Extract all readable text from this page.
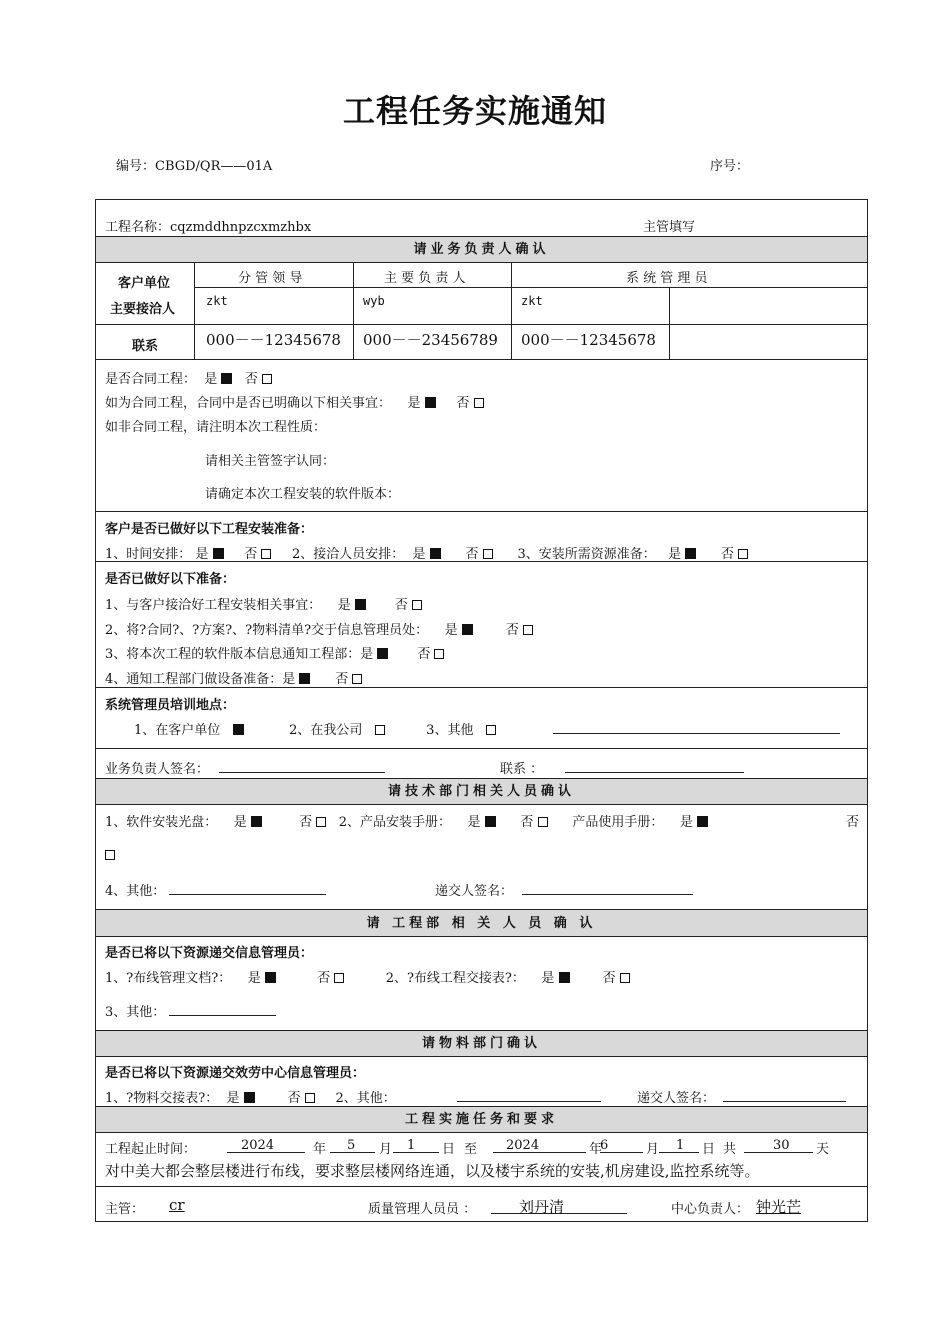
工程任务实施通知
编号：CBGD/QR——01A	序号：
工程名称：cqzmddhnpzcxmzhbx	主管填写
请业务负责人确认
客户单位
主要接洽人
分 管 领 导	主 要 负 责 人	系 统 管 理 员
zkt	wyb	zkt
联系	000－－12345678 000－－23456789 000－－12345678
是否合同工程： 是 否
如为合同工程，合同中是否已明确以下相关事宜： 是	否
如非合同工程，请注明本次工程性质：
请相关主管签字认同：
请确定本次工程安装的软件版本：
客户是否已做好以下工程安装准备：
1、时间安排： 是      否      2、接洽人员安排：  是       否	3、安装所需资源准备：   是       否
是否已做好以下准备：
1、与客户接洽好工程安装相关事宜：    是        否
2、将?合同?、?方案?、?物料清单?交于信息管理员处：    是         否
3、将本次工程的软件版本信息通知工程部：是        否
4、通知工程部门做设备准备：是       否
系统管理员培训地点：
1、在客户单位	2、在我公司	3、其他
业务负责人签名：	联系 ：
请技术部门相关人员确认
1、软件安装光盘：    是          否    2、产品安装手册：    是       否	产品使用手册：    是	否
4、其他：	递交人签名：
请 工程部 相 关 人 员 确 认
是否已将以下资源递交信息管理员：
1、?布线管理文档?：    是           否	2、?布线工程交接表?：    是         否
3、其他：
请物料部门确认
是否已将以下资源递交效劳中心信息管理员：
1、?物料交接表?：  是         否      2、其他：	递交人签名：
工程实施任务和要求
工程起止时间：	2024	年 5 月 1 日 至 2024	年
6	月 1 日 共	30 天
对中美大都会整层楼进行布线，要求整层楼网络连通，以及楼宇系统的安装,机房建设,监控系统等。
主管： cr	质量管理人员员 ：	刘丹清	中心负责人： 钟光芒
